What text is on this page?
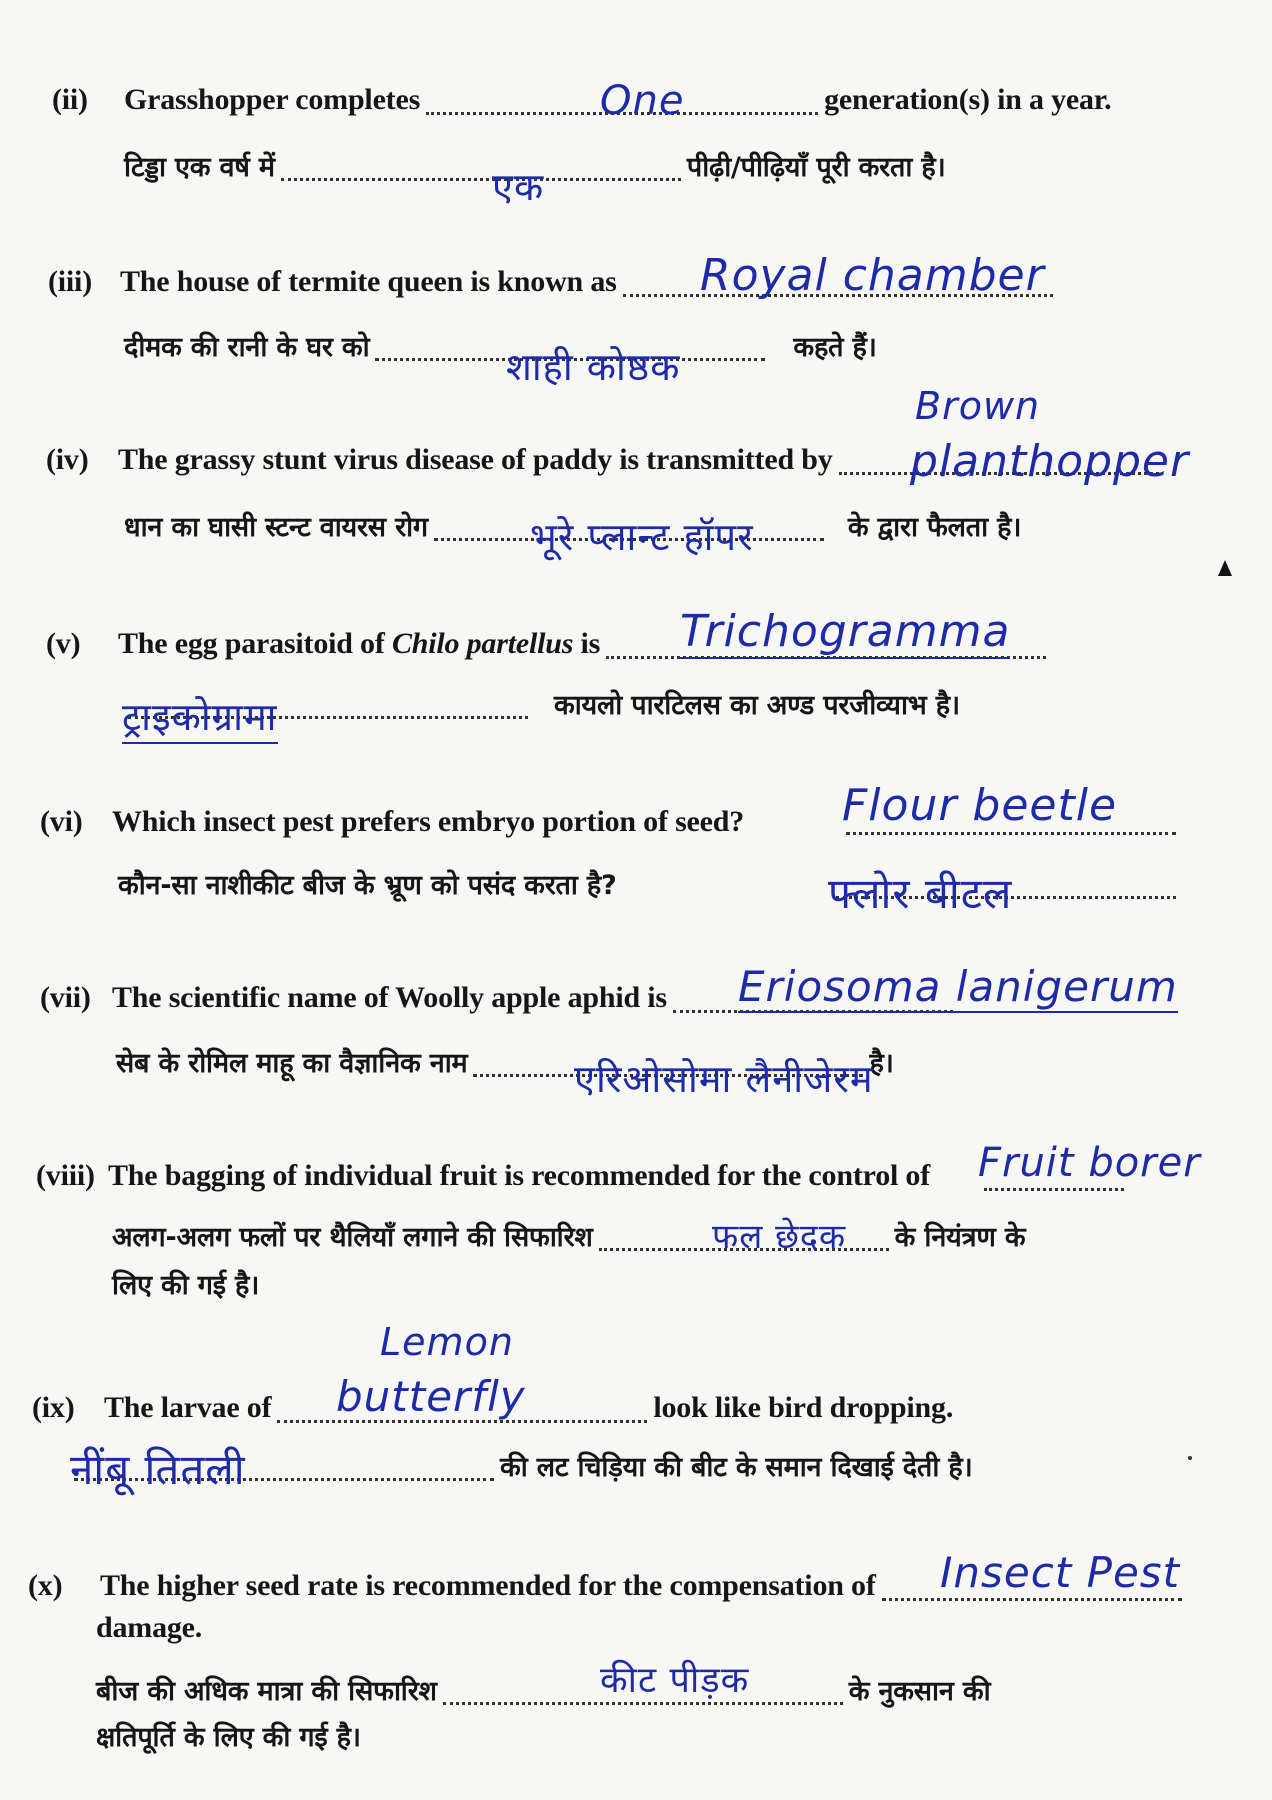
(ii) Grasshopper completes	generation(s) in a year.
One
टिड्डा एक वर्ष में	पीढ़ी/पीढ़ियाँ पूरी करता है।
एक
(iii) The house of termite queen is known as	Royal chamber
दीमक की रानी के घर को	कहते हैं।
शाही कोष्ठक
Brown
(iv) The grassy stunt virus disease of paddy is transmitted by	planthopper
धान का घासी स्टन्ट वायरस रोग	के द्वारा फैलता है।
भूरे प्लान्ट हॉपर
(v) The egg parasitoid of Chilo partellus is	Trichogramma
कायलो पारटिलस का अण्ड परजीव्याभ है।
ट्राइकोग्रामा
(vi) Which insect pest prefers embryo portion of seed? Flour beetle
कौन-सा नाशीकीट बीज के भ्रूण को पसंद करता है?	फ्लोर बीटल
(vii) The scientific name of Woolly apple aphid is	Eriosoma lanigerum
सेब के रोमिल माहू का वैज्ञानिक नाम	है।
एरिओसोमा लैनीजेरम
(viii) The bagging of individual fruit is recommended for the control of Fruit borer
अलग-अलग फलों पर थैलियाँ लगाने की सिफारिश	के नियंत्रण के
फल छेदक
लिए की गई है।
Lemon
(ix) The larvae of	look like bird dropping.
butterfly
की लट चिड़िया की बीट के समान दिखाई देती है।
नींबू तितली
(x) The higher seed rate is recommended for the compensation of	Insect Pest
damage.
बीज की अधिक मात्रा की सिफारिश	के नुकसान की
कीट पीड़क
क्षतिपूर्ति के लिए की गई है।
